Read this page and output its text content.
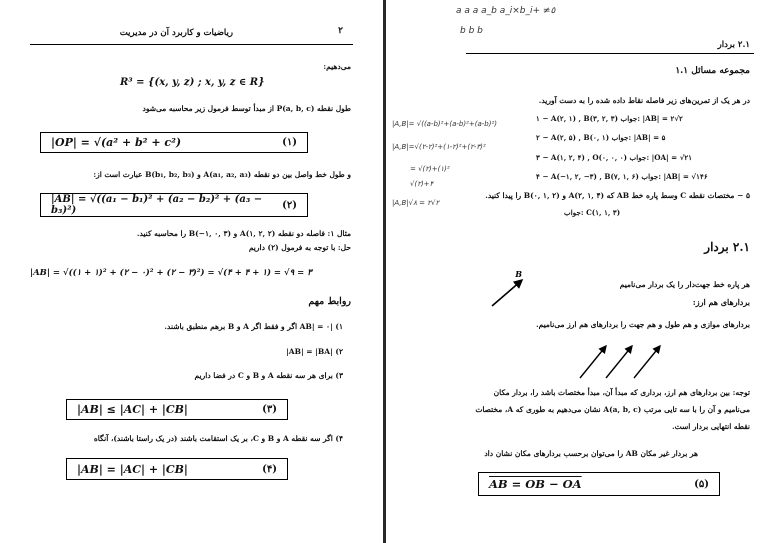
۲
ریاضیات و کاربرد آن در مدیریت
می‌دهیم:
R³ = {(x, y, z) ; x, y, z ∈ R}
طول نقطه P(a, b, c) از مبدأ توسط فرمول زیر محاسبه می‌شود
|OP| = √(a² + b² + c²)	(۱)
و طول خط واصل بین دو نقطه A(a₁, a₂, a₃) و B(b₁, b₂, b₃) عبارت است از:
|AB| = √((a₁ − b₁)² + (a₂ − b₂)² + (a₃ − b₃)²)	(۲)
مثال ۱: فاصله دو نقطه A(۱, ۲, ۲) و B(−۱, ۰, ۳) را محاسبه کنید.
حل: با توجه به فرمول (۲) داریم
|AB| = √((۱ + ۱)² + (۲ − ۰)² + (۲ − ۳)²) = √(۴ + ۴ + ۱) = √۹ = ۳
روابط مهم
۱) |AB| = ۰ اگر و فقط اگر A و B برهم منطبق باشند.
۲) |AB| = |BA|
۳) برای هر سه نقطه A و B و C در فضا داریم
|AB| ≤ |AC| + |CB|	(۳)
۴) اگر سه نقطه A و B و C، بر یک استقامت باشند (در یک راستا باشند)، آنگاه
|AB| = |AC| + |CB|	(۴)
a a a a_b a_i×b_i+ ≠٥
b b b
۲.۱ بردار
مجموعه مسائل ۱.۱
در هر یک از تمرین‌های زیر فاصله نقاط داده شده را به دست آورید.
۱ − A(۲, ۱) , B(۳, ۲, ۳) جواب: |AB| = ۲√۲
۲ − A(۲, ۵) , B(۰, ۱) جواب: |AB| = ۵
۳ − A(۱, ۲, ۴) , O(۰, ۰, ۰) جواب: |OA| = √۲۱
۴ − A(−۱, ۲, −۳) , B(۷, ۱, ۶) جواب: |AB| = √۱۴۶
۵ − مختصات نقطه C وسط پاره خط AB که A(۲, ۱, ۴) و B(۰, ۱, ۲) را پیدا کنید.
جواب: C(۱, ۱, ۳)
|A,B|= √((a-b)²+(a-b)²+(a-b)²)
|A,B|=√(۲-۲)²+(۱-۲)²+(۲-۳)²
= √(۲)+(۱)²
√(۲)+۴
|A,B|√۸ = ۲√۲
۲.۱ بردار
هر پاره خط جهت‌دار را یک بردار می‌نامیم
B
بردارهای هم ارز:
بردارهای موازی و هم طول و هم جهت را بردارهای هم ارز می‌نامیم.
توجه: بین بردارهای هم ارز، برداری که مبدأ آن، مبدأ مختصات باشد را، بردار مکان
می‌نامیم و آن را با سه تایی مرتب A(a, b, c) نشان می‌دهیم به طوری که A، مختصات
نقطه انتهایی بردار است.
هر بردار غیر مکان AB را می‌توان برحسب بردارهای مکان نشان داد
AB = OB − OA	(۵)
